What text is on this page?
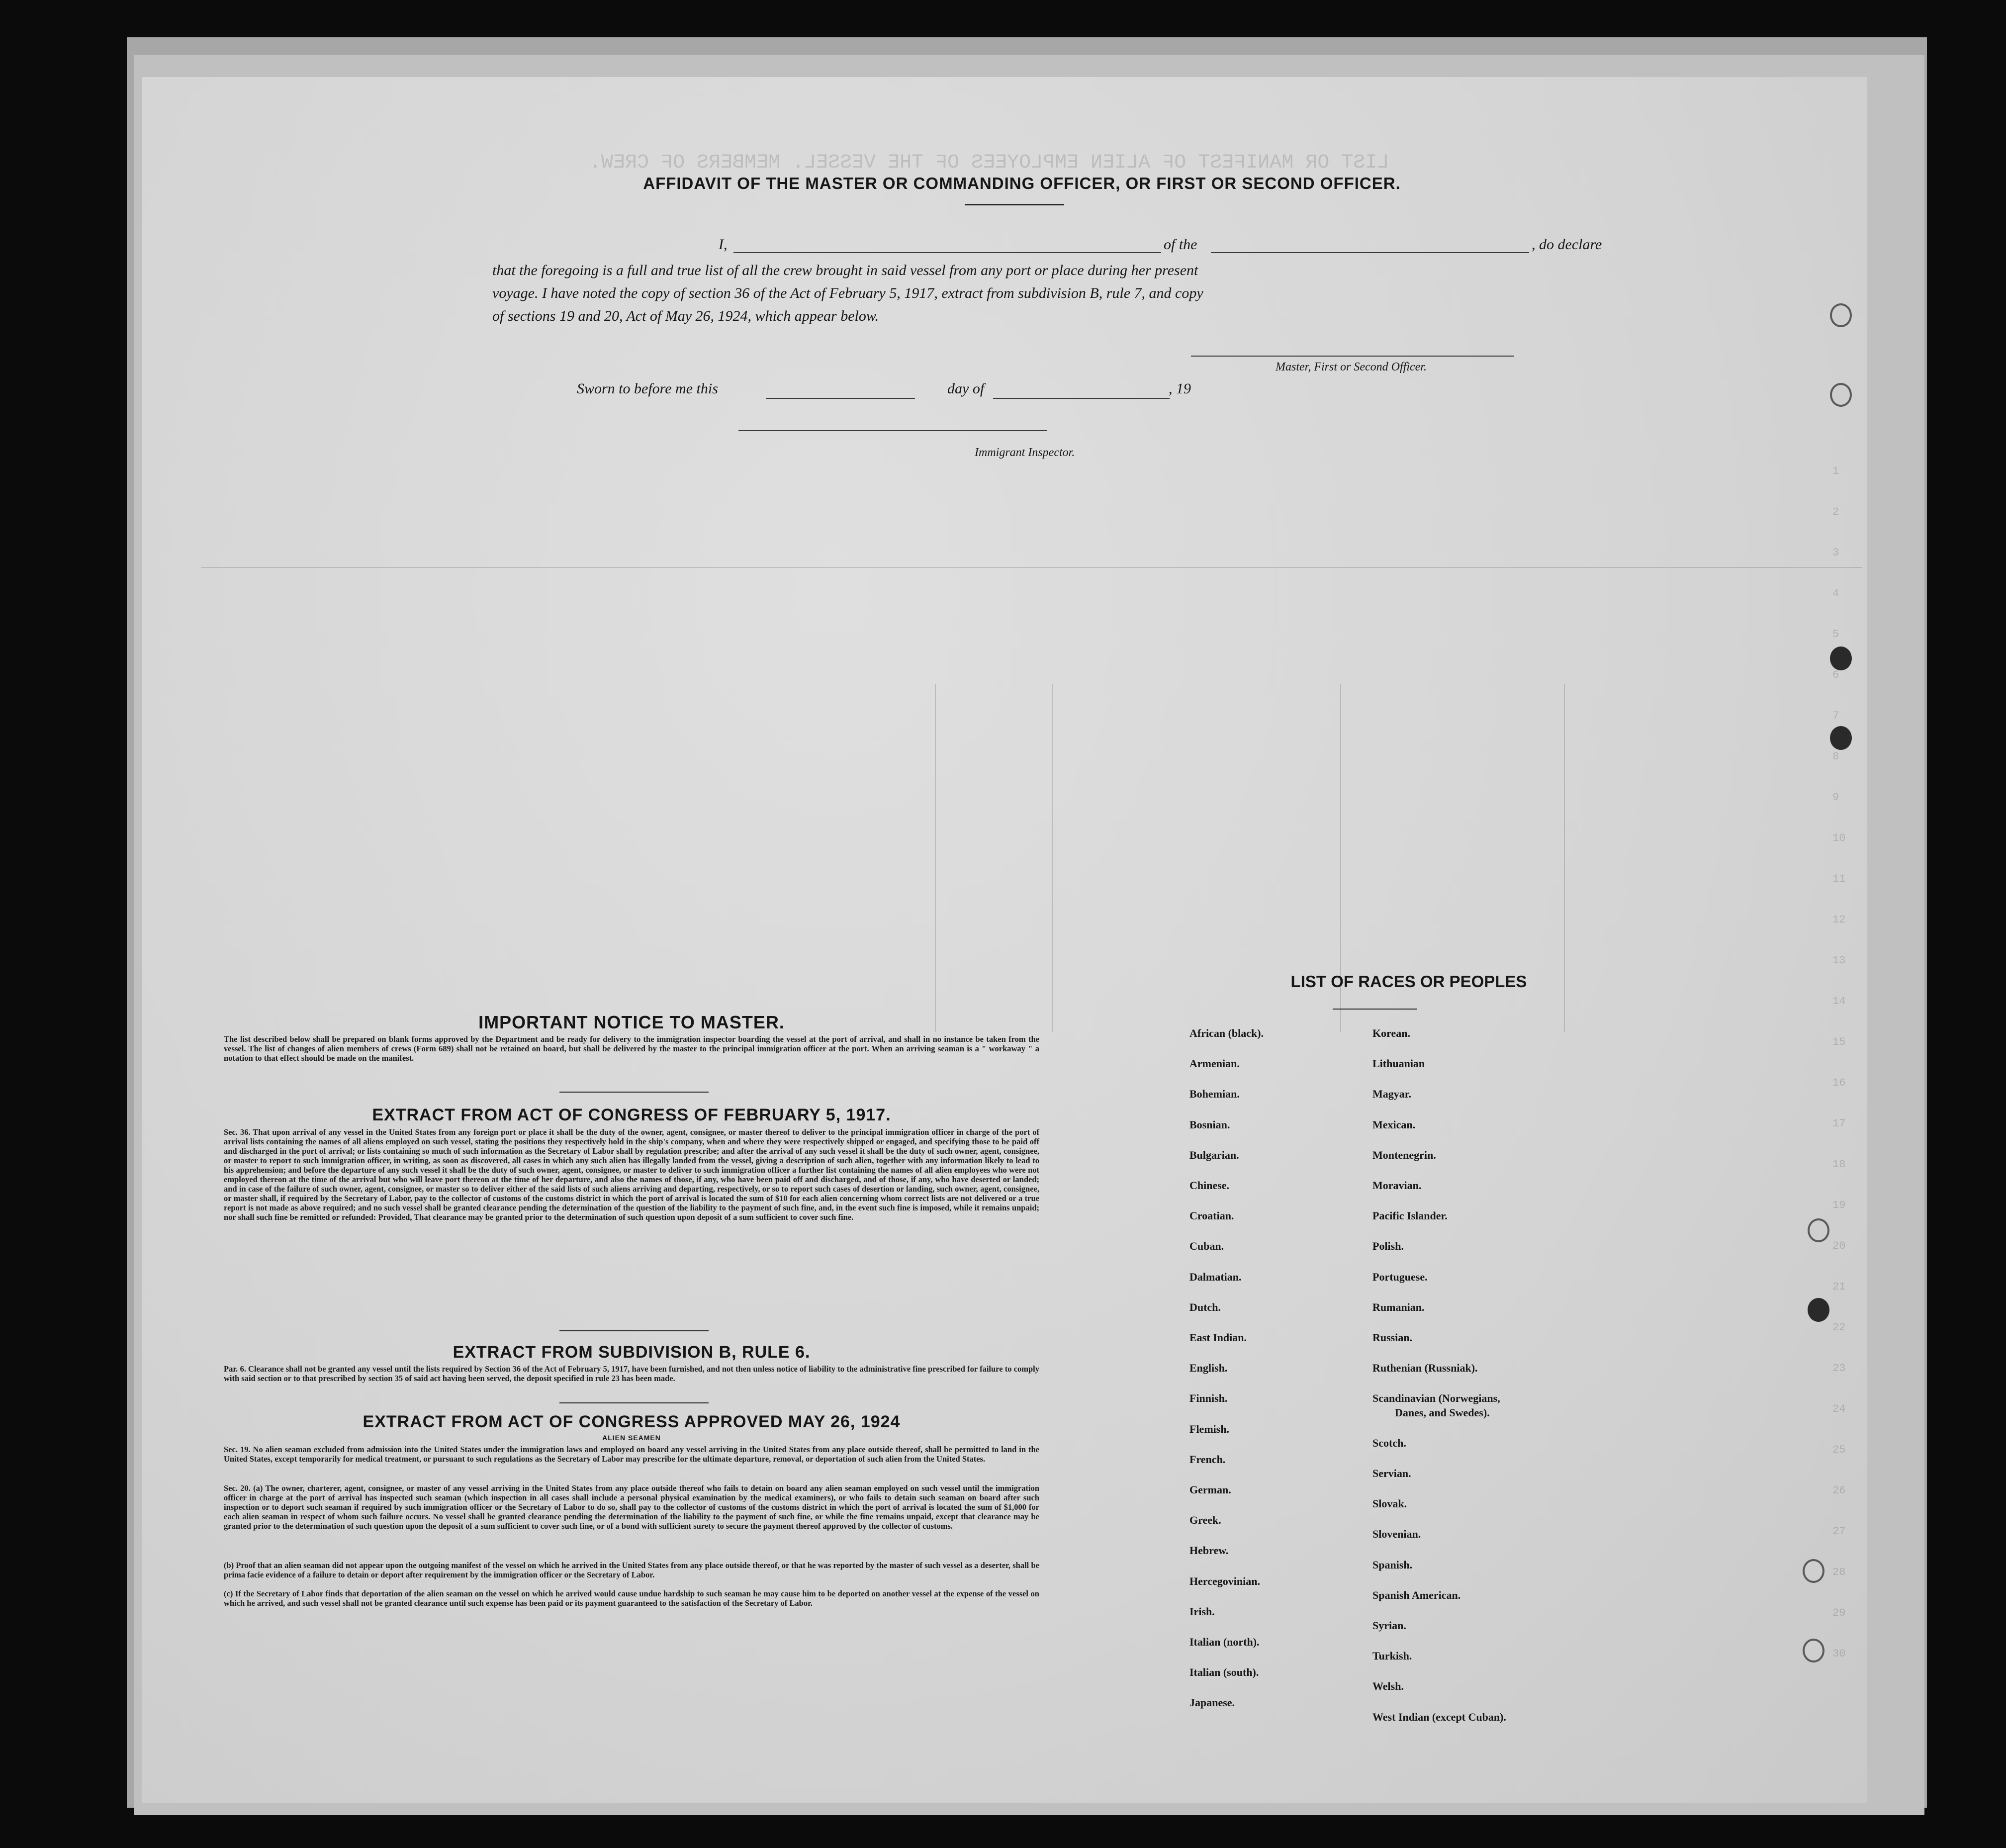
LIST OR MANIFEST OF ALIEN EMPLOYEES OF THE VESSEL. MEMBERS OF CREW.
1
2
3
4
5
6
7
8
9
10
11
12
13
14
15
16
17
18
19
20
21
22
23
24
25
26
27
28
29
30
AFFIDAVIT OF THE MASTER OR COMMANDING OFFICER, OR FIRST OR SECOND OFFICER.
I,	of the	, do declare
that the foregoing is a full and true list of all the crew brought in said vessel from any port or place during her present
voyage. I have noted the copy of section 36 of the Act of February 5, 1917, extract from subdivision B, rule 7, and copy
of sections 19 and 20, Act of May 26, 1924, which appear below.
Master, First or Second Officer.
Sworn to before me this	day of	, 19
Immigrant Inspector.
IMPORTANT NOTICE TO MASTER.
The list described below shall be prepared on blank forms approved by the Department and be ready for delivery to the immigration inspector boarding the vessel at the port of arrival, and shall in no instance be taken from the vessel. The list of changes of alien members of crews (Form 689) shall not be retained on board, but shall be delivered by the master to the principal immigration officer at the port. When an arriving seaman is a " workaway " a notation to that effect should be made on the manifest.
EXTRACT FROM ACT OF CONGRESS OF FEBRUARY 5, 1917.
Sec. 36. That upon arrival of any vessel in the United States from any foreign port or place it shall be the duty of the owner, agent, consignee, or master thereof to deliver to the principal immigration officer in charge of the port of arrival lists containing the names of all aliens employed on such vessel, stating the positions they respectively hold in the ship's company, when and where they were respectively shipped or engaged, and specifying those to be paid off and discharged in the port of arrival; or lists containing so much of such information as the Secretary of Labor shall by regulation prescribe; and after the arrival of any such vessel it shall be the duty of such owner, agent, consignee, or master to report to such immigration officer, in writing, as soon as discovered, all cases in which any such alien has illegally landed from the vessel, giving a description of such alien, together with any information likely to lead to his apprehension; and before the departure of any such vessel it shall be the duty of such owner, agent, consignee, or master to deliver to such immigration officer a further list containing the names of all alien employees who were not employed thereon at the time of the arrival but who will leave port thereon at the time of her departure, and also the names of those, if any, who have been paid off and discharged, and of those, if any, who have deserted or landed; and in case of the failure of such owner, agent, consignee, or master so to deliver either of the said lists of such aliens arriving and departing, respectively, or so to report such cases of desertion or landing, such owner, agent, consignee, or master shall, if required by the Secretary of Labor, pay to the collector of customs of the customs district in which the port of arrival is located the sum of $10 for each alien concerning whom correct lists are not delivered or a true report is not made as above required; and no such vessel shall be granted clearance pending the determination of the question of the liability to the payment of such fine, and, in the event such fine is imposed, while it remains unpaid; nor shall such fine be remitted or refunded: Provided, That clearance may be granted prior to the determination of such question upon deposit of a sum sufficient to cover such fine.
EXTRACT FROM SUBDIVISION B, RULE 6.
Par. 6. Clearance shall not be granted any vessel until the lists required by Section 36 of the Act of February 5, 1917, have been furnished, and not then unless notice of liability to the administrative fine prescribed for failure to comply with said section or to that prescribed by section 35 of said act having been served, the deposit specified in rule 23 has been made.
EXTRACT FROM ACT OF CONGRESS APPROVED MAY 26, 1924
ALIEN SEAMEN
Sec. 19. No alien seaman excluded from admission into the United States under the immigration laws and employed on board any vessel arriving in the United States from any place outside thereof, shall be permitted to land in the United States, except temporarily for medical treatment, or pursuant to such regulations as the Secretary of Labor may prescribe for the ultimate departure, removal, or deportation of such alien from the United States.
Sec. 20. (a) The owner, charterer, agent, consignee, or master of any vessel arriving in the United States from any place outside thereof who fails to detain on board any alien seaman employed on such vessel until the immigration officer in charge at the port of arrival has inspected such seaman (which inspection in all cases shall include a personal physical examination by the medical examiners), or who fails to detain such seaman on board after such inspection or to deport such seaman if required by such immigration officer or the Secretary of Labor to do so, shall pay to the collector of customs of the customs district in which the port of arrival is located the sum of $1,000 for each alien seaman in respect of whom such failure occurs. No vessel shall be granted clearance pending the determination of the liability to the payment of such fine, or while the fine remains unpaid, except that clearance may be granted prior to the determination of such question upon the deposit of a sum sufficient to cover such fine, or of a bond with sufficient surety to secure the payment thereof approved by the collector of customs.
(b) Proof that an alien seaman did not appear upon the outgoing manifest of the vessel on which he arrived in the United States from any place outside thereof, or that he was reported by the master of such vessel as a deserter, shall be prima facie evidence of a failure to detain or deport after requirement by the immigration officer or the Secretary of Labor.
(c) If the Secretary of Labor finds that deportation of the alien seaman on the vessel on which he arrived would cause undue hardship to such seaman he may cause him to be deported on another vessel at the expense of the vessel on which he arrived, and such vessel shall not be granted clearance until such expense has been paid or its payment guaranteed to the satisfaction of the Secretary of Labor.
LIST OF RACES OR PEOPLES
African (black).
Armenian.
Bohemian.
Bosnian.
Bulgarian.
Chinese.
Croatian.
Cuban.
Dalmatian.
Dutch.
East Indian.
English.
Finnish.
Flemish.
French.
German.
Greek.
Hebrew.
Hercegovinian.
Irish.
Italian (north).
Italian (south).
Japanese.
Korean.
Lithuanian
Magyar.
Mexican.
Montenegrin.
Moravian.
Pacific Islander.
Polish.
Portuguese.
Rumanian.
Russian.
Ruthenian (Russniak).
Scandinavian (Norwegians,
Danes, and Swedes).
Scotch.
Servian.
Slovak.
Slovenian.
Spanish.
Spanish American.
Syrian.
Turkish.
Welsh.
West Indian (except Cuban).
